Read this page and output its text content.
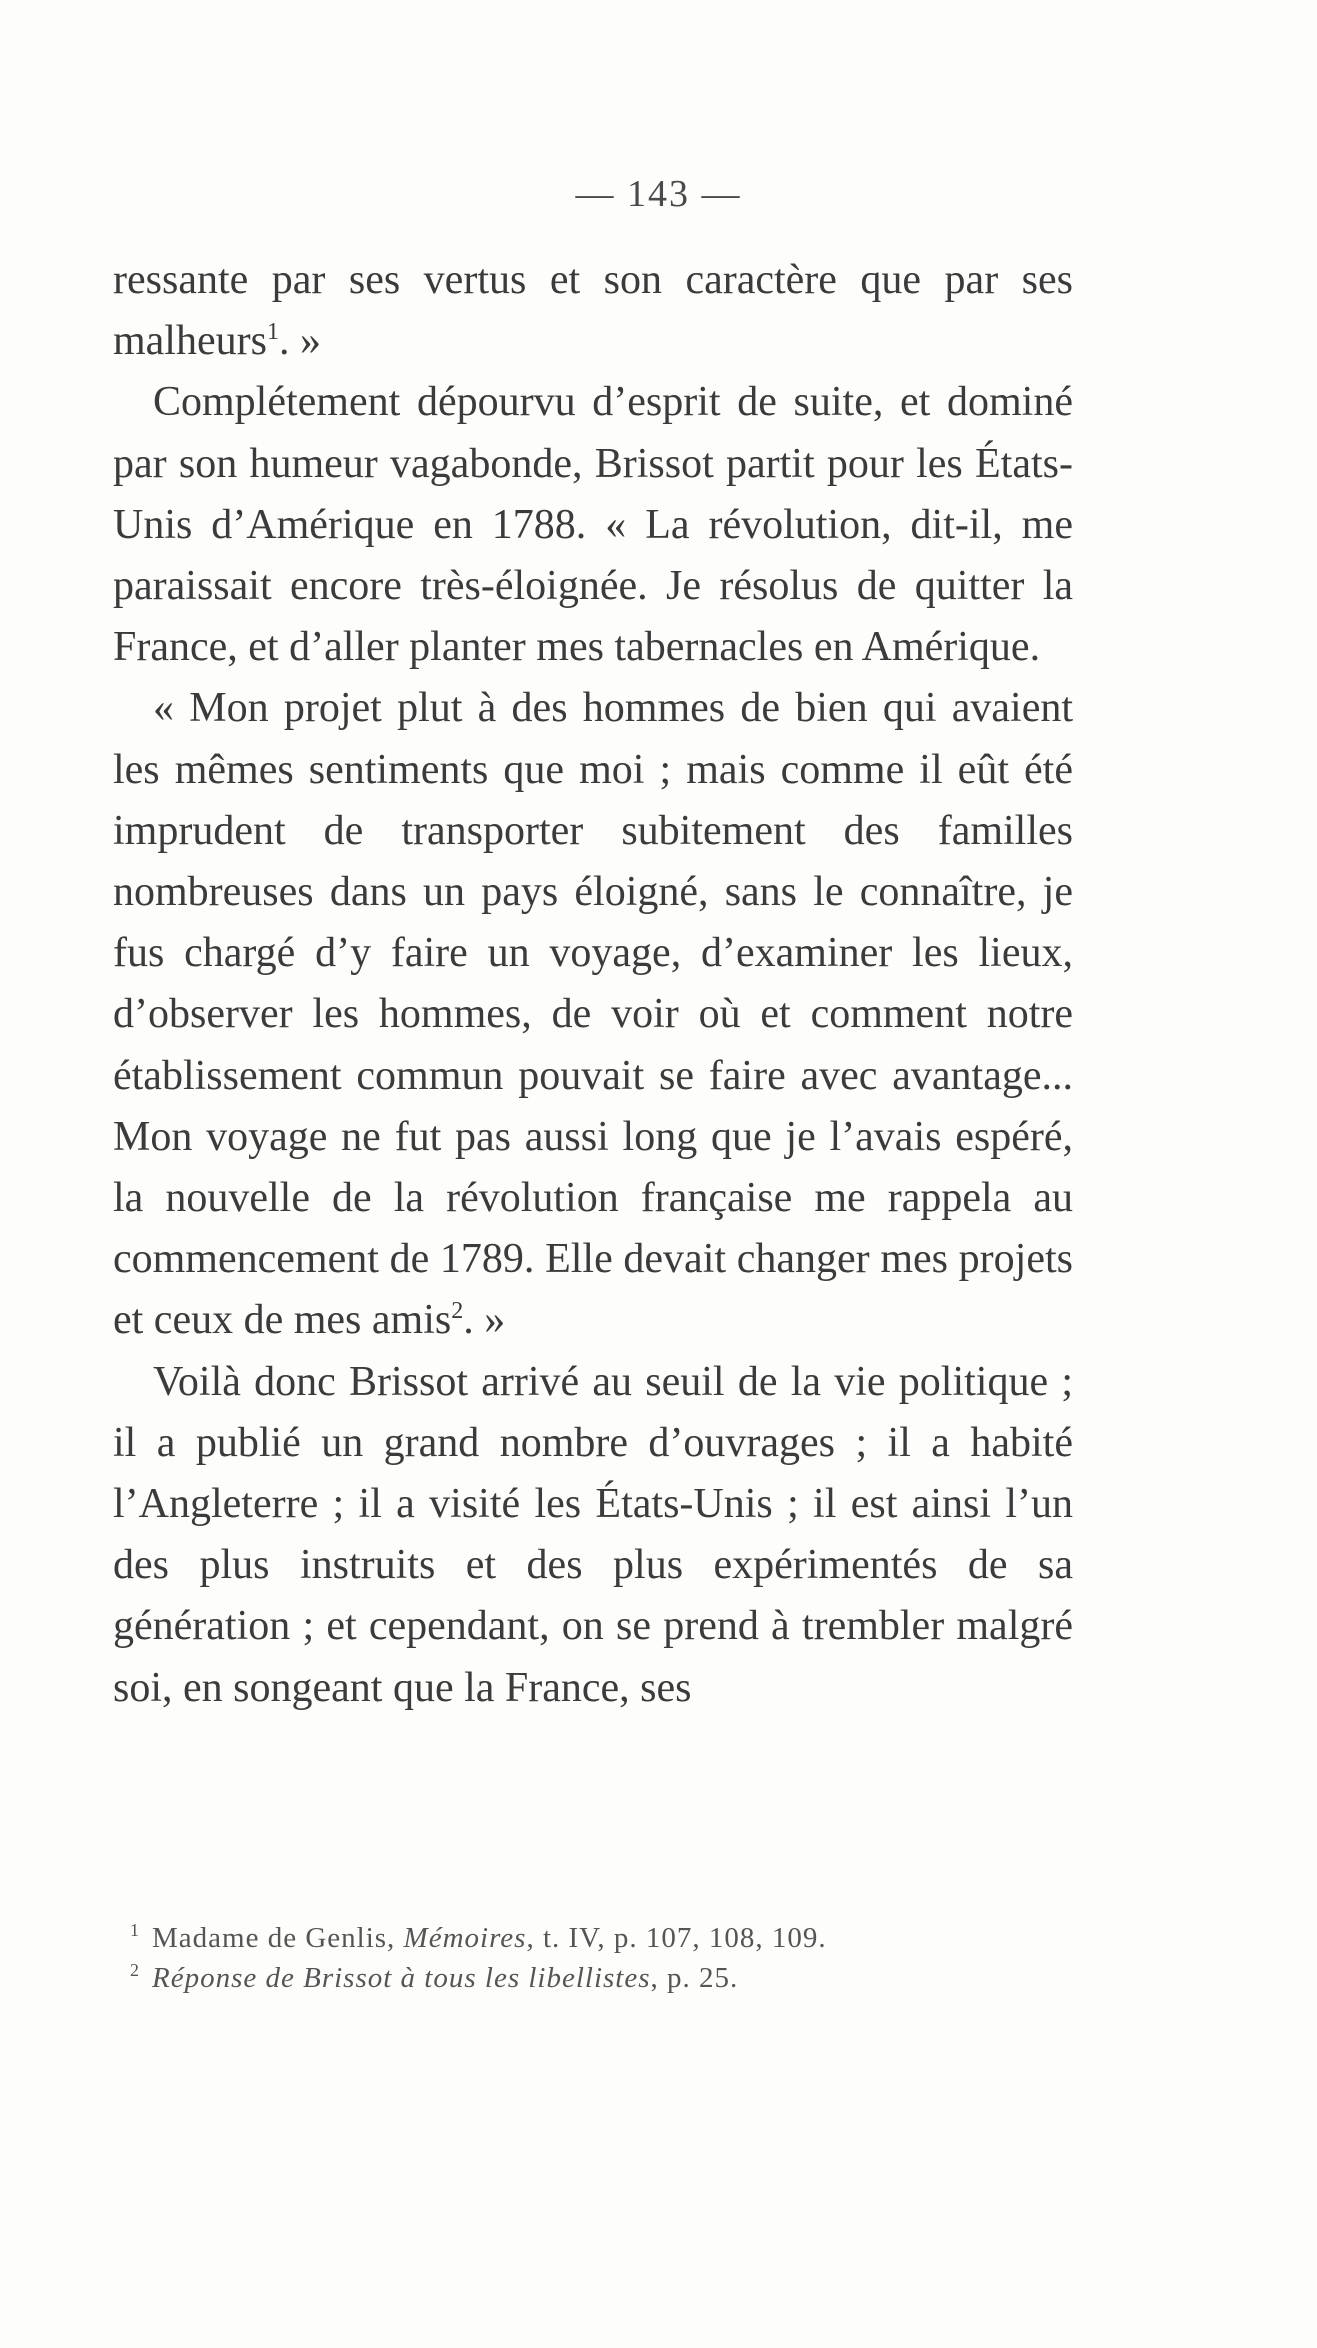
— 143 —

ressante par ses vertus et son caractère que par ses malheurs$^1$. »

Complétement dépourvu d’esprit de suite, et dominé par son humeur vagabonde, Brissot partit pour les États-Unis d’Amérique en 1788. « La révolution, dit-il, me paraissait encore très-éloignée. Je résolus de quitter la France, et d’aller planter mes tabernacles en Amérique.

« Mon projet plut à des hommes de bien qui avaient les mêmes sentiments que moi ; mais comme il eût été imprudent de transporter subitement des familles nombreuses dans un pays éloigné, sans le connaître, je fus chargé d’y faire un voyage, d’examiner les lieux, d’observer les hommes, de voir où et comment notre établissement commun pouvait se faire avec avantage... Mon voyage ne fut pas aussi long que je l’avais espéré, la nouvelle de la révolution française me rappela au commencement de 1789. Elle devait changer mes projets et ceux de mes amis$^2$. »

Voilà donc Brissot arrivé au seuil de la vie politique ; il a publié un grand nombre d’ouvrages ; il a habité l’Angleterre ; il a visité les États-Unis ; il est ainsi l’un des plus instruits et des plus expérimentés de sa génération ; et cependant, on se prend à trembler malgré soi, en songeant que la France, ses

$^1$ Madame de Genlis, Mémoires, t. IV, p. 107, 108, 109.

$^2$ Réponse de Brissot à tous les libellistes, p. 25.
